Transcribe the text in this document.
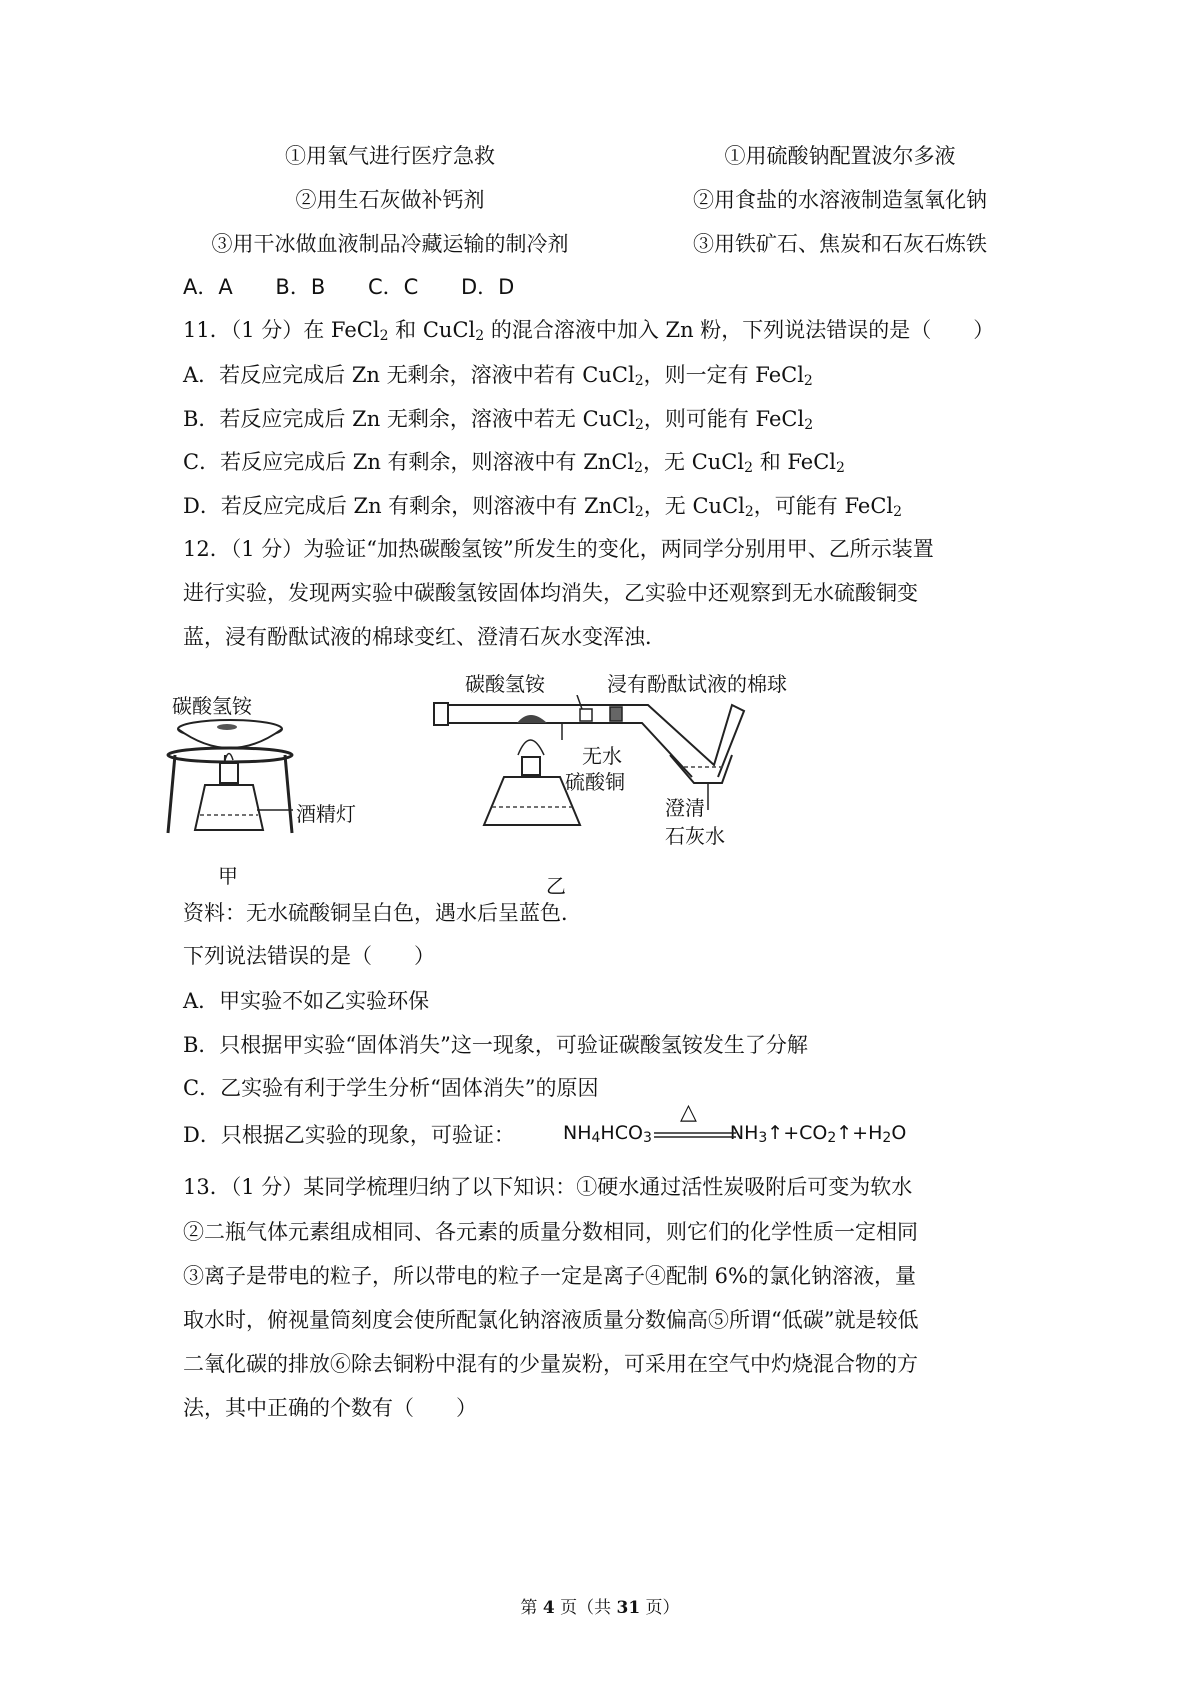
①用氧气进行医疗急救	①用硫酸钠配置波尔多液
②用生石灰做补钙剂	②用食盐的水溶液制造氢氧化钠
③用干冰做血液制品冷藏运输的制冷剂	③用铁矿石、焦炭和石灰石炼铁
A．A B．B C．C D．D
11．（1 分）在 FeCl$_2$ 和 CuCl$_2$ 的混合溶液中加入 Zn 粉，下列说法错误的是（　　）
A．若反应完成后 Zn 无剩余，溶液中若有 CuCl$_2$，则一定有 FeCl$_2$
B．若反应完成后 Zn 无剩余，溶液中若无 CuCl$_2$，则可能有 FeCl$_2$
C．若反应完成后 Zn 有剩余，则溶液中有 ZnCl$_2$，无 CuCl$_2$ 和 FeCl$_2$
D．若反应完成后 Zn 有剩余，则溶液中有 ZnCl$_2$，无 CuCl$_2$，可能有 FeCl$_2$
12．（1 分）为验证“加热碳酸氢铵”所发生的变化，两同学分别用甲、乙所示装置
进行实验，发现两实验中碳酸氢铵固体均消失，乙实验中还观察到无水硫酸铜变
蓝，浸有酚酞试液的棉球变红、澄清石灰水变浑浊．
碳酸氢铵
酒精灯
甲
碳酸氢铵	浸有酚酞试液的棉球
无水
硫酸铜
澄清
石灰水
乙
资料：无水硫酸铜呈白色，遇水后呈蓝色．
下列说法错误的是（　　）
A．甲实验不如乙实验环保
B．只根据甲实验“固体消失”这一现象，可验证碳酸氢铵发生了分解
C．乙实验有利于学生分析“固体消失”的原因
D．只根据乙实验的现象，可验证：	$NH_4HCO_3$	$NH_3↑+CO_2↑+H_2O$
△
13．（1 分）某同学梳理归纳了以下知识：①硬水通过活性炭吸附后可变为软水
②二瓶气体元素组成相同、各元素的质量分数相同，则它们的化学性质一定相同
③离子是带电的粒子，所以带电的粒子一定是离子④配制 6%的氯化钠溶液，量
取水时，俯视量筒刻度会使所配氯化钠溶液质量分数偏高⑤所谓“低碳”就是较低
二氧化碳的排放⑥除去铜粉中混有的少量炭粉，可采用在空气中灼烧混合物的方
法，其中正确的个数有（　　）
第 4 页（共 31 页）
